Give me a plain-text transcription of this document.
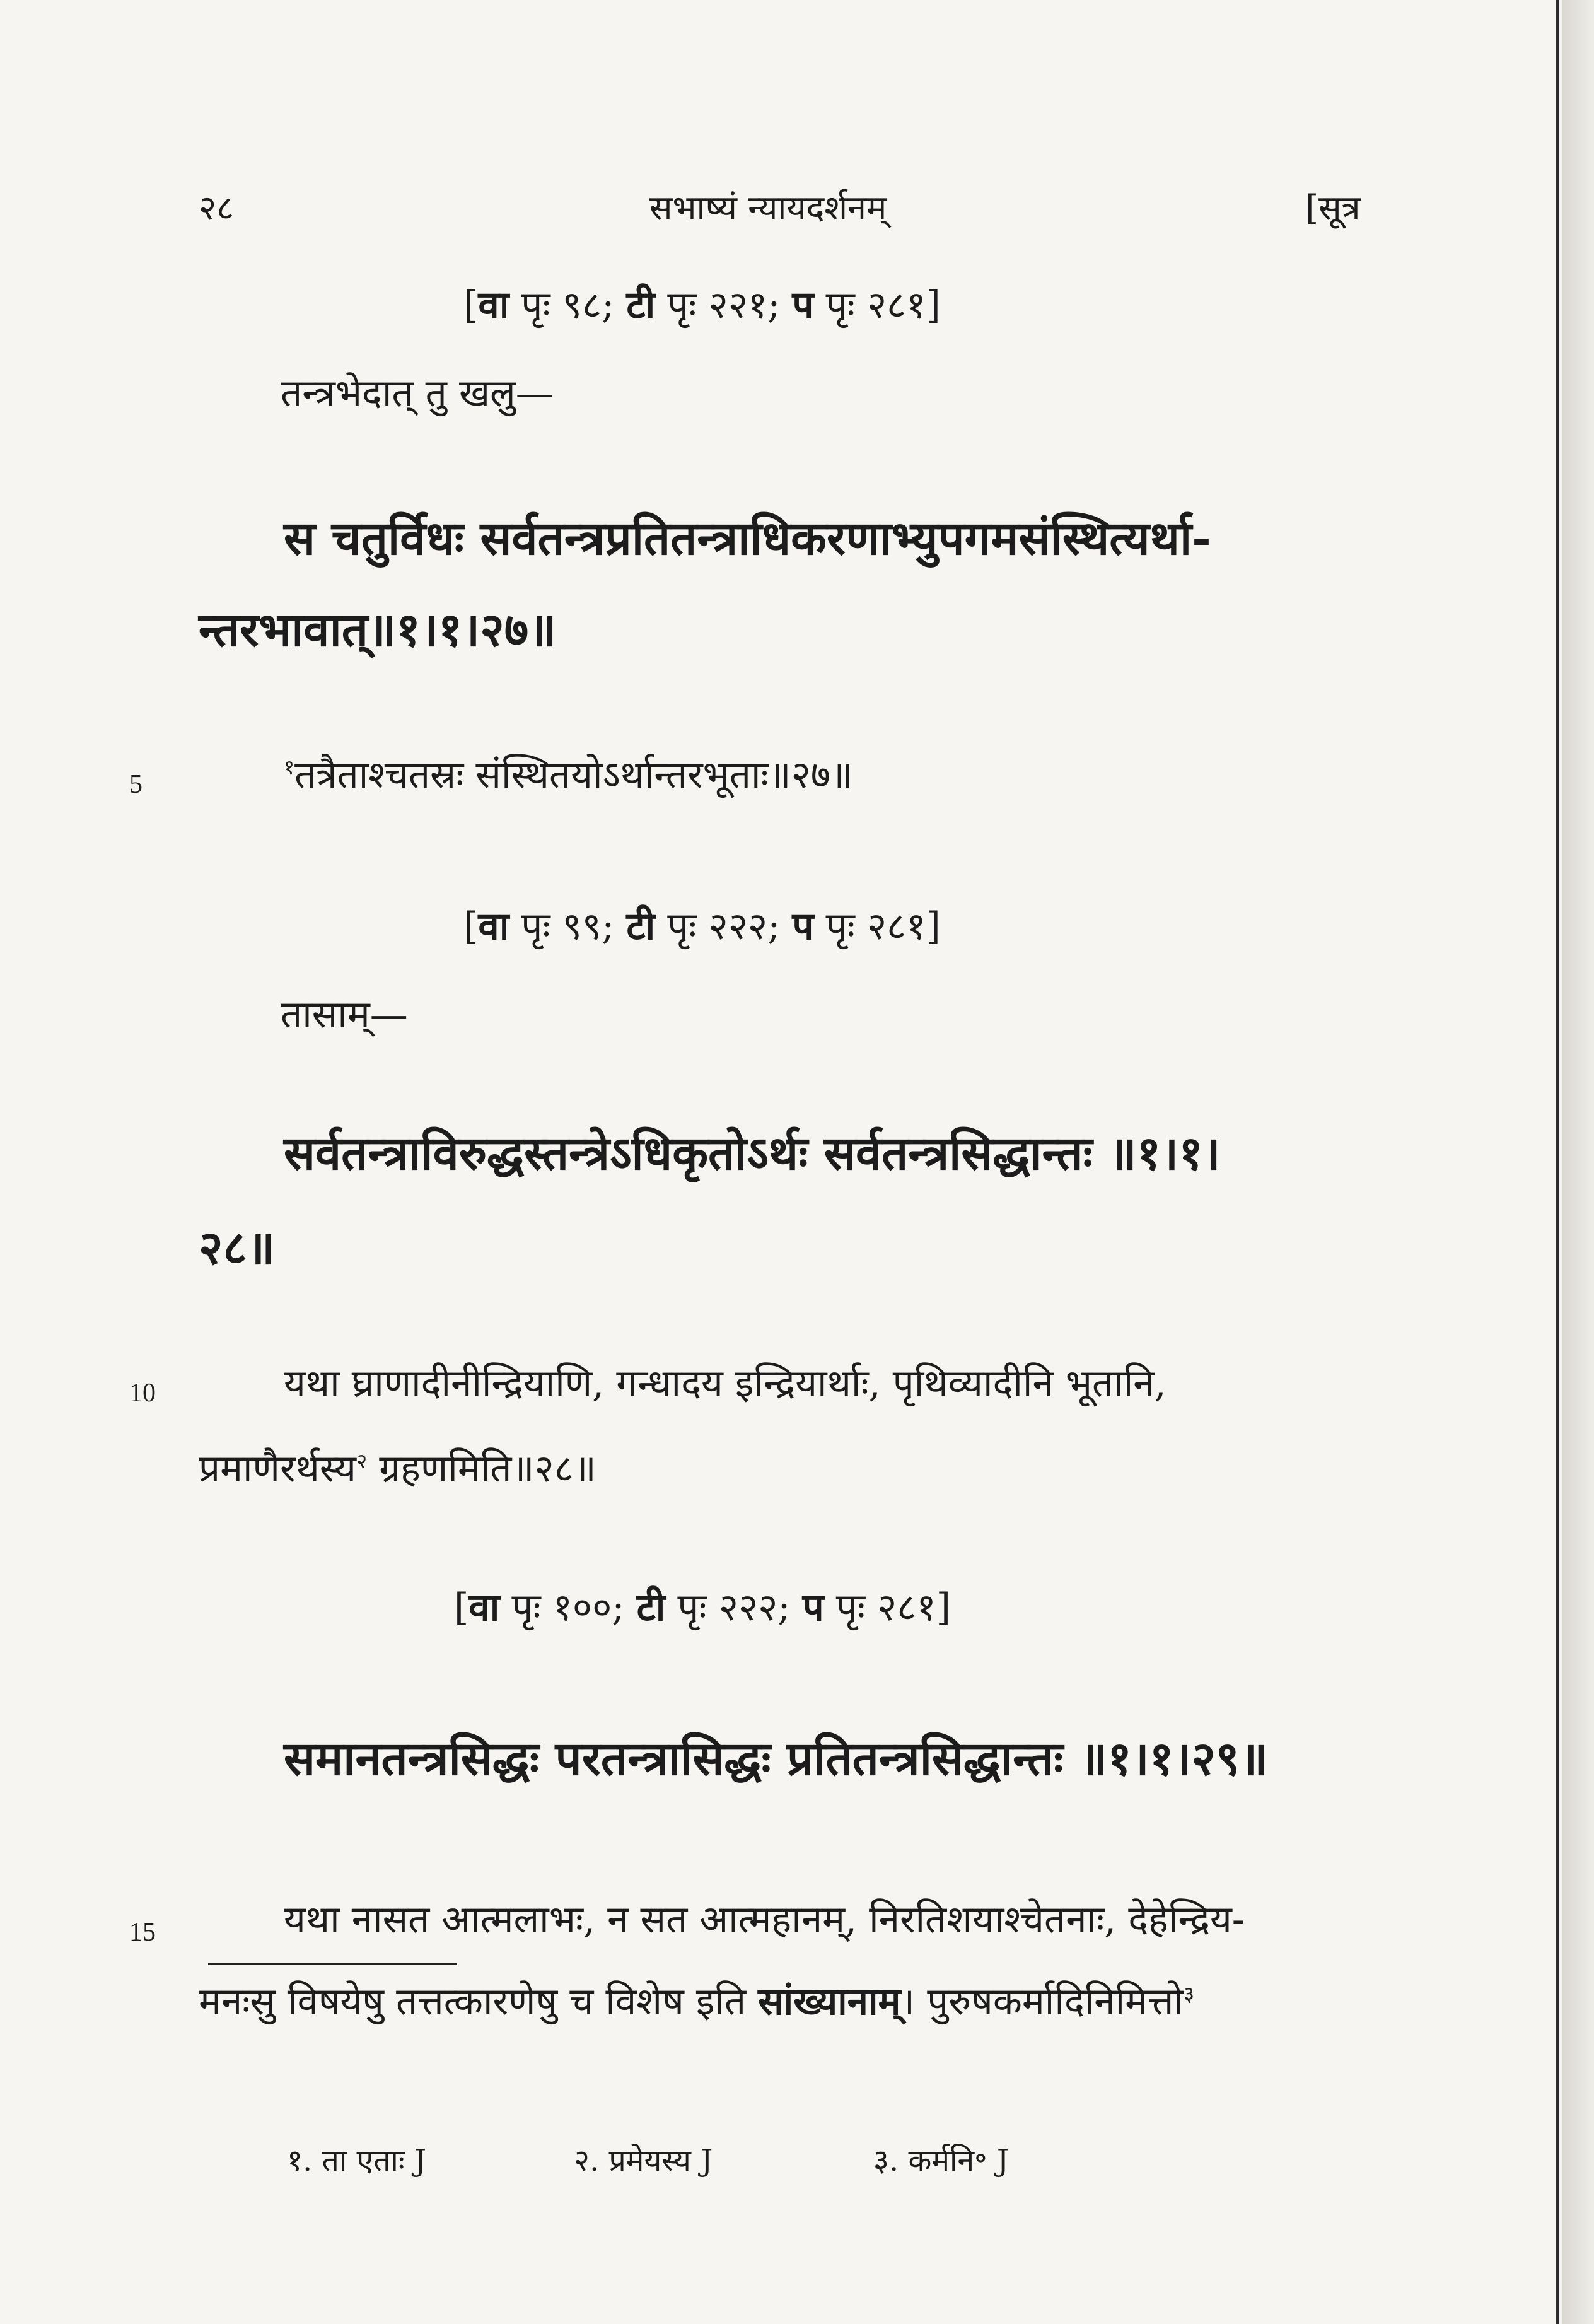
२८	सभाष्यं न्यायदर्शनम्	[सूत्र
[वा पृः ९८; टी पृः २२१; प पृः २८१]
तन्त्रभेदात् तु खलु—
स चतुर्विधः सर्वतन्त्रप्रतितन्त्राधिकरणाभ्युपगमसंस्थित्यर्था-
न्तरभावात्॥१।१।२७॥
5
$^१$तत्रैताश्चतस्रः संस्थितयोऽर्थान्तरभूताः॥२७॥
[वा पृः ९९; टी पृः २२२; प पृः २८१]
तासाम्—
सर्वतन्त्राविरुद्धस्तन्त्रेऽधिकृतोऽर्थः सर्वतन्त्रसिद्धान्तः ॥१।१।
२८॥
10	यथा घ्राणादीनीन्द्रियाणि, गन्धादय इन्द्रियार्थाः, पृथिव्यादीनि भूतानि,
प्रमाणैरर्थस्य$^२$ ग्रहणमिति॥२८॥
[वा पृः १००; टी पृः २२२; प पृः २८१]
समानतन्त्रसिद्धः परतन्त्रासिद्धः प्रतितन्त्रसिद्धान्तः ॥१।१।२९॥
15	यथा नासत आत्मलाभः, न सत आत्महानम्, निरतिशयाश्चेतनाः, देहेन्द्रिय-
मनःसु विषयेषु तत्तत्कारणेषु च विशेष इति सांख्यानाम्। पुरुषकर्मादिनिमित्तो$^३$
१. ता एताः J	२. प्रमेयस्य J	३. कर्मनि॰ J
